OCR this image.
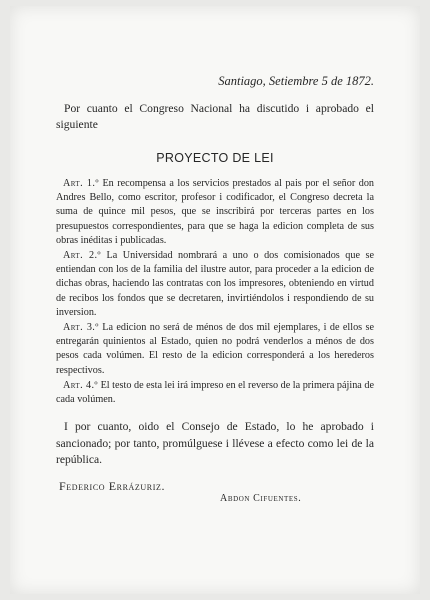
Santiago, Setiembre 5 de 1872.

Por cuanto el Congreso Nacional ha discutido i aprobado el siguiente

PROYECTO DE LEI

Art. 1.º En recompensa a los servicios prestados al pais por el señor don Andres Bello, como escritor, profesor i codificador, el Congreso decreta la suma de quince mil pesos, que se inscribirá por terceras partes en los presupuestos correspondientes, para que se haga la edicion completa de sus obras inéditas i publicadas.

Art. 2.º La Universidad nombrará a uno o dos comisionados que se entiendan con los de la familia del ilustre autor, para proceder a la edicion de dichas obras, haciendo las contratas con los impresores, obteniendo en virtud de recibos los fondos que se decretaren, invirtiéndolos i respondiendo de su inversion.

Art. 3.º La edicion no será de ménos de dos mil ejemplares, i de ellos se entregarán quinientos al Estado, quien no podrá venderlos a ménos de dos pesos cada volúmen. El resto de la edicion corresponderá a los herederos respectivos.

Art. 4.º El testo de esta lei irá impreso en el reverso de la primera pájina de cada volúmen.

I por cuanto, oido el Consejo de Estado, lo he aprobado i sancionado; por tanto, promúlguese i llévese a efecto como lei de la república.

Federico Errázuriz.
Abdon Cifuentes.
